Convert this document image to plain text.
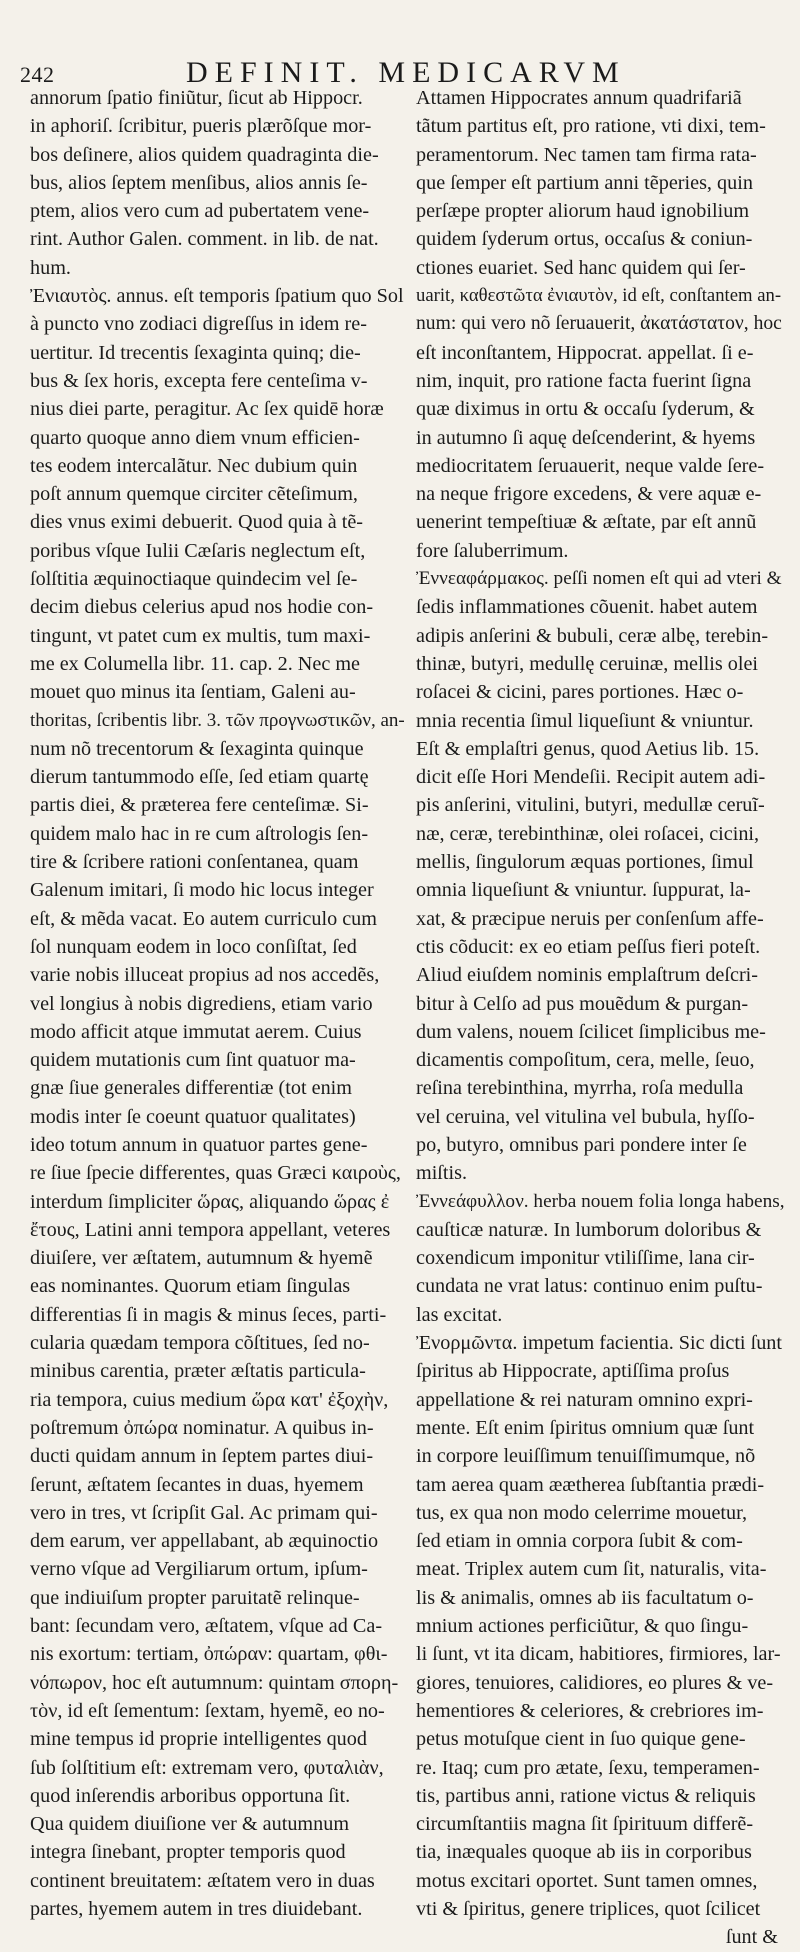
242	DEFINIT. MEDICARVM
annorum ſpatio finiũtur, ſicut ab Hippocr.
in aphoriſ. ſcribitur, pueris plærõſque mor-
bos deſinere, alios quidem quadraginta die-
bus, alios ſeptem menſibus, alios annis ſe-
ptem, alios vero cum ad pubertatem vene-
rint. Author Galen. comment. in lib. de nat.
hum.
Ἐνιαυτὸς. annus. eſt temporis ſpatium quo Sol
à puncto vno zodiaci digreſſus in idem re-
uertitur. Id trecentis ſexaginta quinq; die-
bus & ſex horis, excepta fere centeſima v-
nius diei parte, peragitur. Ac ſex quidē horæ
quarto quoque anno diem vnum efficien-
tes eodem intercalãtur. Nec dubium quin
poſt annum quemque circiter cẽteſimum,
dies vnus eximi debuerit. Quod quia à tẽ-
poribus vſque Iulii Cæſaris neglectum eſt,
ſolſtitia æquinoctiaque quindecim vel ſe-
decim diebus celerius apud nos hodie con-
tingunt, vt patet cum ex multis, tum maxi-
me ex Columella libr. 11. cap. 2. Nec me
mouet quo minus ita ſentiam, Galeni au-
thoritas, ſcribentis libr. 3. τῶν προγνωστικῶν, an-
num nõ trecentorum & ſexaginta quinque
dierum tantummodo eſſe, ſed etiam quartę
partis diei, & præterea fere centeſimæ. Si-
quidem malo hac in re cum aſtrologis ſen-
tire & ſcribere rationi conſentanea, quam
Galenum imitari, ſi modo hic locus integer
eſt, & mẽda vacat. Eo autem curriculo cum
ſol nunquam eodem in loco conſiſtat, ſed
varie nobis illuceat propius ad nos accedẽs,
vel longius à nobis digrediens, etiam vario
modo afficit atque immutat aerem. Cuius
quidem mutationis cum ſint quatuor ma-
gnæ ſiue generales differentiæ (tot enim
modis inter ſe coeunt quatuor qualitates)
ideo totum annum in quatuor partes gene-
re ſiue ſpecie differentes, quas Græci καιροὺς,
interdum ſimpliciter ὥρας, aliquando ὥρας ἐ
ἔτους, Latini anni tempora appellant, veteres
diuiſere, ver æſtatem, autumnum & hyemẽ
eas nominantes. Quorum etiam ſingulas
differentias ſi in magis & minus ſeces, parti-
cularia quædam tempora cõſtitues, ſed no-
minibus carentia, præter æſtatis particula-
ria tempora, cuius medium ὥρα κατ' ἐξοχὴν,
poſtremum ὀπώρα nominatur. A quibus in-
ducti quidam annum in ſeptem partes diui-
ſerunt, æſtatem ſecantes in duas, hyemem
vero in tres, vt ſcripſit Gal. Ac primam qui-
dem earum, ver appellabant, ab æquinoctio
verno vſque ad Vergiliarum ortum, ipſum-
que indiuiſum propter paruitatẽ relinque-
bant: ſecundam vero, æſtatem, vſque ad Ca-
nis exortum: tertiam, ὀπώραν: quartam, φθι-
νόπωρον, hoc eſt autumnum: quintam σπορη-
τὸν, id eſt ſementum: ſextam, hyemẽ, eo no-
mine tempus id proprie intelligentes quod
ſub ſolſtitium eſt: extremam vero, φυταλιὰν,
quod inſerendis arboribus opportuna ſit.
Qua quidem diuiſione ver & autumnum
integra ſinebant, propter temporis quod
continent breuitatem: æſtatem vero in duas
partes, hyemem autem in tres diuidebant.
Attamen Hippocrates annum quadrifariã
tãtum partitus eſt, pro ratione, vti dixi, tem-
peramentorum. Nec tamen tam firma rata-
que ſemper eſt partium anni tẽperies, quin
perſæpe propter aliorum haud ignobilium
quidem ſyderum ortus, occaſus & coniun-
ctiones euariet. Sed hanc quidem qui ſer-
uarit, καθεστῶτα ἐνιαυτὸν, id eſt, conſtantem an-
num: qui vero nõ ſeruauerit, ἀκατάστατον, hoc
eſt inconſtantem, Hippocrat. appellat. ſi e-
nim, inquit, pro ratione facta fuerint ſigna
quæ diximus in ortu & occaſu ſyderum, &
in autumno ſi aquę deſcenderint, & hyems
mediocritatem ſeruauerit, neque valde ſere-
na neque frigore excedens, & vere aquæ e-
uenerint tempeſtiuæ & æſtate, par eſt annũ
fore ſaluberrimum.
Ἐννεαφάρμακος. peſſi nomen eſt qui ad vteri &
ſedis inflammationes cõuenit. habet autem
adipis anſerini & bubuli, ceræ albę, terebin-
thinæ, butyri, medullę ceruinæ, mellis olei
roſacei & cicini, pares portiones. Hæc o-
mnia recentia ſimul liqueſiunt & vniuntur.
Eſt & emplaſtri genus, quod Aetius lib. 15.
dicit eſſe Hori Mendeſii. Recipit autem adi-
pis anſerini, vitulini, butyri, medullæ ceruĩ-
næ, ceræ, terebinthinæ, olei roſacei, cicini,
mellis, ſingulorum æquas portiones, ſimul
omnia liqueſiunt & vniuntur. ſuppurat, la-
xat, & præcipue neruis per conſenſum affe-
ctis cõducit: ex eo etiam peſſus fieri poteſt.
Aliud eiuſdem nominis emplaſtrum deſcri-
bitur à Celſo ad pus mouẽdum & purgan-
dum valens, nouem ſcilicet ſimplicibus me-
dicamentis compoſitum, cera, melle, ſeuo,
reſina terebinthina, myrrha, roſa medulla
vel ceruina, vel vitulina vel bubula, hyſſo-
po, butyro, omnibus pari pondere inter ſe
miſtis.
Ἐννεάφυλλον. herba nouem folia longa habens,
cauſticæ naturæ. In lumborum doloribus &
coxendicum imponitur vtiliſſime, lana cir-
cundata ne vrat latus: continuo enim puſtu-
las excitat.
Ἐνορμῶντα. impetum facientia. Sic dicti ſunt
ſpiritus ab Hippocrate, aptiſſima proſus
appellatione & rei naturam omnino expri-
mente. Eſt enim ſpiritus omnium quæ ſunt
in corpore leuiſſimum tenuiſſimumque, nõ
tam aerea quam æætherea ſubſtantia prædi-
tus, ex qua non modo celerrime mouetur,
ſed etiam in omnia corpora ſubit & com-
meat. Triplex autem cum ſit, naturalis, vita-
lis & animalis, omnes ab iis facultatum o-
mnium actiones perficiũtur, & quo ſingu-
li ſunt, vt ita dicam, habitiores, firmiores, lar-
giores, tenuiores, calidiores, eo plures & ve-
hementiores & celeriores, & crebriores im-
petus motuſque cient in ſuo quique gene-
re. Itaq; cum pro ætate, ſexu, temperamen-
tis, partibus anni, ratione victus & reliquis
circumſtantiis magna ſit ſpirituum differẽ-
tia, inæquales quoque ab iis in corporibus
motus excitari oportet. Sunt tamen omnes,
vti & ſpiritus, genere triplices, quot ſcilicet
ſunt &
